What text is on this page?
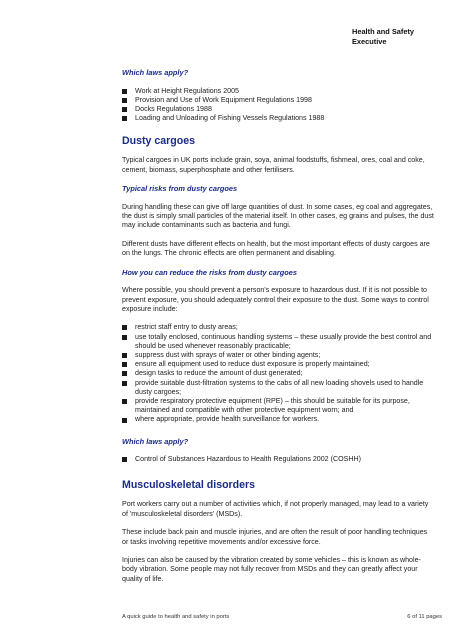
Health and Safety
Executive
Which laws apply?
Work at Height Regulations 2005
Provision and Use of Work Equipment Regulations 1998
Docks Regulations 1988
Loading and Unloading of Fishing Vessels Regulations 1988
Dusty cargoes

Typical cargoes in UK ports include grain, soya, animal foodstuffs, fishmeal, ores, coal and coke, cement, biomass, superphosphate and other fertilisers.

Typical risks from dusty cargoes

During handling these can give off large quantities of dust. In some cases, eg coal and aggregates, the dust is simply small particles of the material itself. In other cases, eg grains and pulses, the dust may include contaminants such as bacteria and fungi.

Different dusts have different effects on health, but the most important effects of dusty cargoes are on the lungs. The chronic effects are often permanent and disabling.

How you can reduce the risks from dusty cargoes

Where possible, you should prevent a person's exposure to hazardous dust. If it is not possible to prevent exposure, you should adequately control their exposure to the dust. Some ways to control exposure include:

restrict staff entry to dusty areas;
use totally enclosed, continuous handling systems – these usually provide the best control and should be used whenever reasonably practicable;
suppress dust with sprays of water or other binding agents;
ensure all equipment used to reduce dust exposure is properly maintained;
design tasks to reduce the amount of dust generated;
provide suitable dust-filtration systems to the cabs of all new loading shovels used to handle dusty cargoes;
provide respiratory protective equipment (RPE) – this should be suitable for its purpose, maintained and compatible with other protective equipment worn; and
where appropriate, provide health surveillance for workers.
Which laws apply?
Control of Substances Hazardous to Health Regulations 2002 (COSHH)
Musculoskeletal disorders

Port workers carry out a number of activities which, if not properly managed, may lead to a variety of 'musculoskeletal disorders' (MSDs).

These include back pain and muscle injuries, and are often the result of poor handling techniques or tasks involving repetitive movements and/or excessive force.

Injuries can also be caused by the vibration created by some vehicles – this is known as whole-body vibration. Some people may not fully recover from MSDs and they can greatly affect your quality of life.

A quick guide to health and safety in ports	6 of 11 pages
